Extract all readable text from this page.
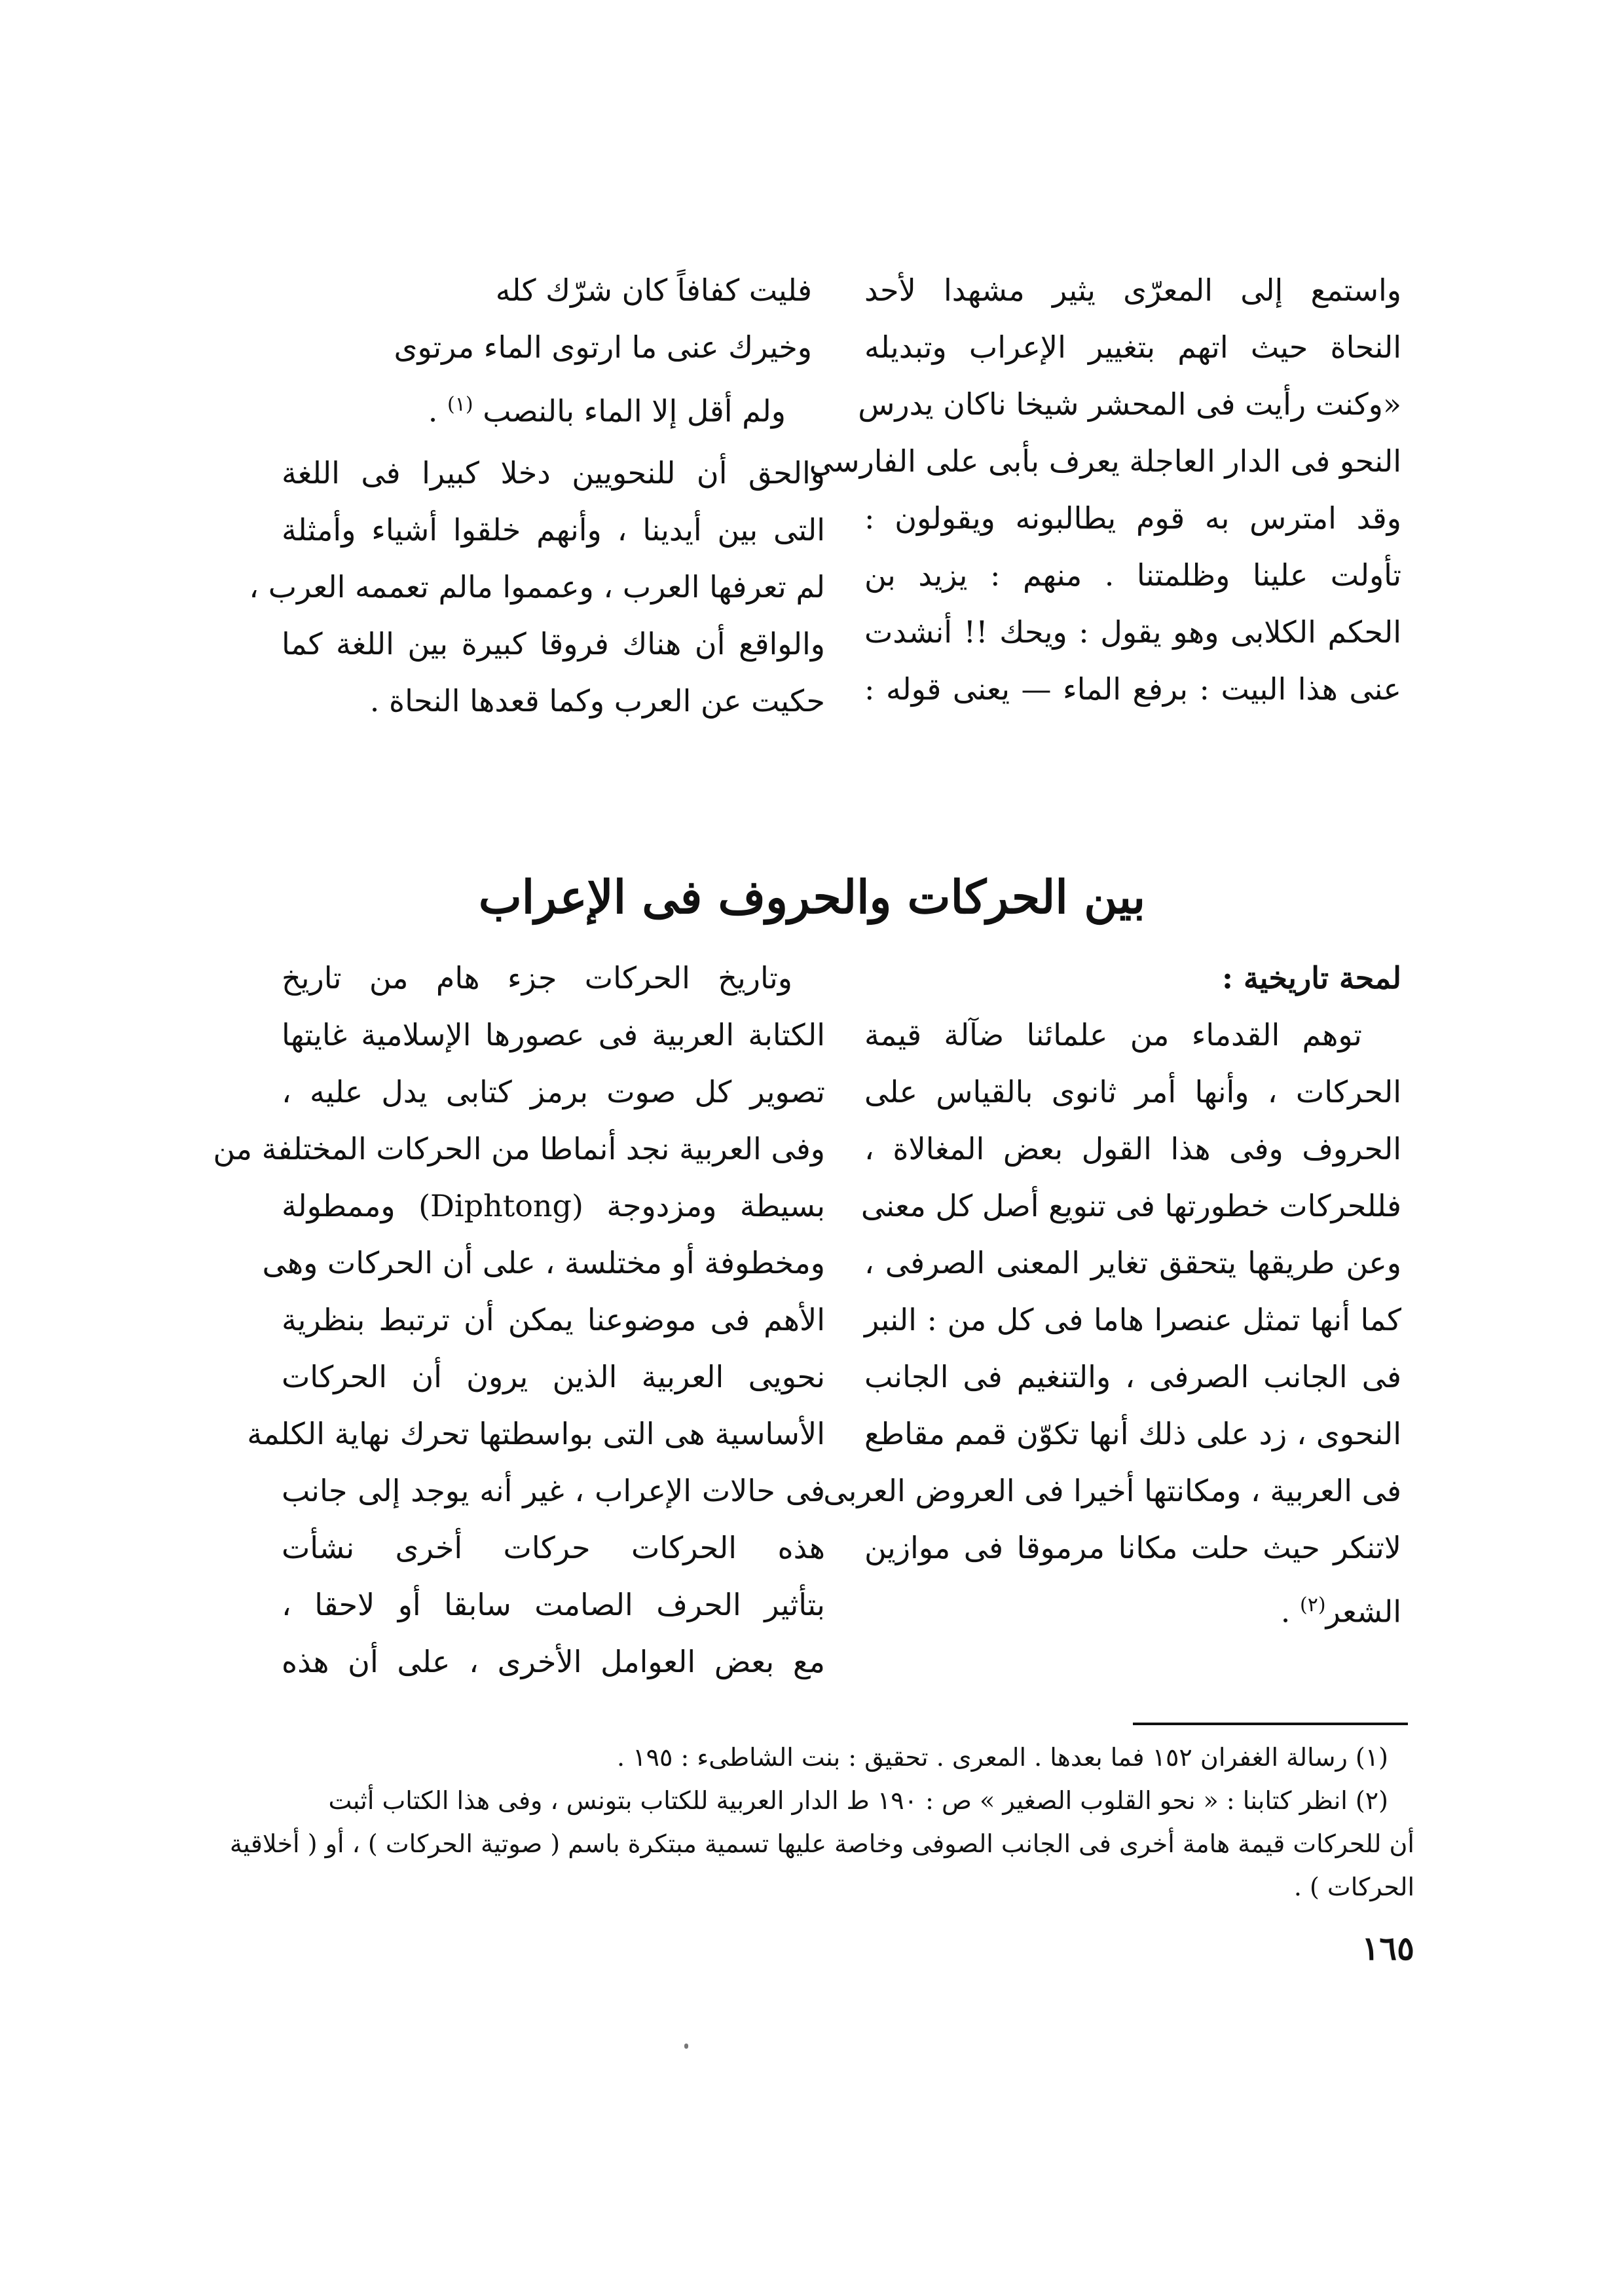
واستمع إلى المعرّى يثير مشهدا لأحد
النحاة حيث اتهم بتغيير الإعراب وتبديله
«وكنت رأيت فى المحشر شيخا ناكان يدرس
النحو فى الدار العاجلة يعرف بأبى على الفارسى
وقد امترس به قوم يطالبونه ويقولون :
تأولت علينا وظلمتنا . منهم : يزيد بن
الحكم الكلابى وهو يقول : ويحك !! أنشدت
عنى هذا البيت : برفع الماء — يعنى قوله :
فليت كفافاً كان شرّك كله
وخيرك عنى ما ارتوى الماء مرتوى
ولم أقل إلا الماء بالنصب $^{(١)}$ .
والحق أن للنحويين دخلا كبيرا فى اللغة
التى بين أيدينا ، وأنهم خلقوا أشياء وأمثلة
لم تعرفها العرب ، وعمموا مالم تعممه العرب ،
والواقع أن هناك فروقا كبيرة بين اللغة كما
حكيت عن العرب وكما قعدها النحاة .
بين الحركات والحروف فى الإعراب
لمحة تاريخية :
توهم القدماء من علمائنا ضآلة قيمة
الحركات ، وأنها أمر ثانوى بالقياس على
الحروف وفى هذا القول بعض المغالاة ،
فللحركات خطورتها فى تنويع أصل كل معنى
وعن طريقها يتحقق تغاير المعنى الصرفى ،
كما أنها تمثل عنصرا هاما فى كل من : النبر
فى الجانب الصرفى ، والتنغيم فى الجانب
النحوى ، زد على ذلك أنها تكوّن قمم مقاطع
فى العربية ، ومكانتها أخيرا فى العروض العربى
لاتنكر حيث حلت مكانا مرموقا فى موازين
الشعر$^{(٢)}$ .
وتاريخ الحركات جزء هام من تاريخ
الكتابة العربية فى عصورها الإسلامية غايتها
تصوير كل صوت برمز كتابى يدل عليه ،
وفى العربية نجد أنماطا من الحركات المختلفة من
بسيطة ومزدوجة (Diphtong) وممطولة
ومخطوفة أو مختلسة ، على أن الحركات وهى
الأهم فى موضوعنا يمكن أن ترتبط بنظرية
نحويى العربية الذين يرون أن الحركات
الأساسية هى التى بواسطتها تحرك نهاية الكلمة
فى حالات الإعراب ، غير أنه يوجد إلى جانب
هذه الحركات حركات أخرى نشأت
بتأثير الحرف الصامت سابقا أو لاحقا ،
مع بعض العوامل الأخرى ، على أن هذه
(١) رسالة الغفران ١٥٢ فما بعدها . المعرى . تحقيق : بنت الشاطىء : ١٩٥ .
(٢) انظر كتابنا : « نحو القلوب الصغير » ص : ١٩٠ ط الدار العربية للكتاب بتونس ، وفى هذا الكتاب أثبت
أن للحركات قيمة هامة أخرى فى الجانب الصوفى وخاصة عليها تسمية مبتكرة باسم ( صوتية الحركات ) ، أو ( أخلاقية
الحركات ) .
١٦٥
